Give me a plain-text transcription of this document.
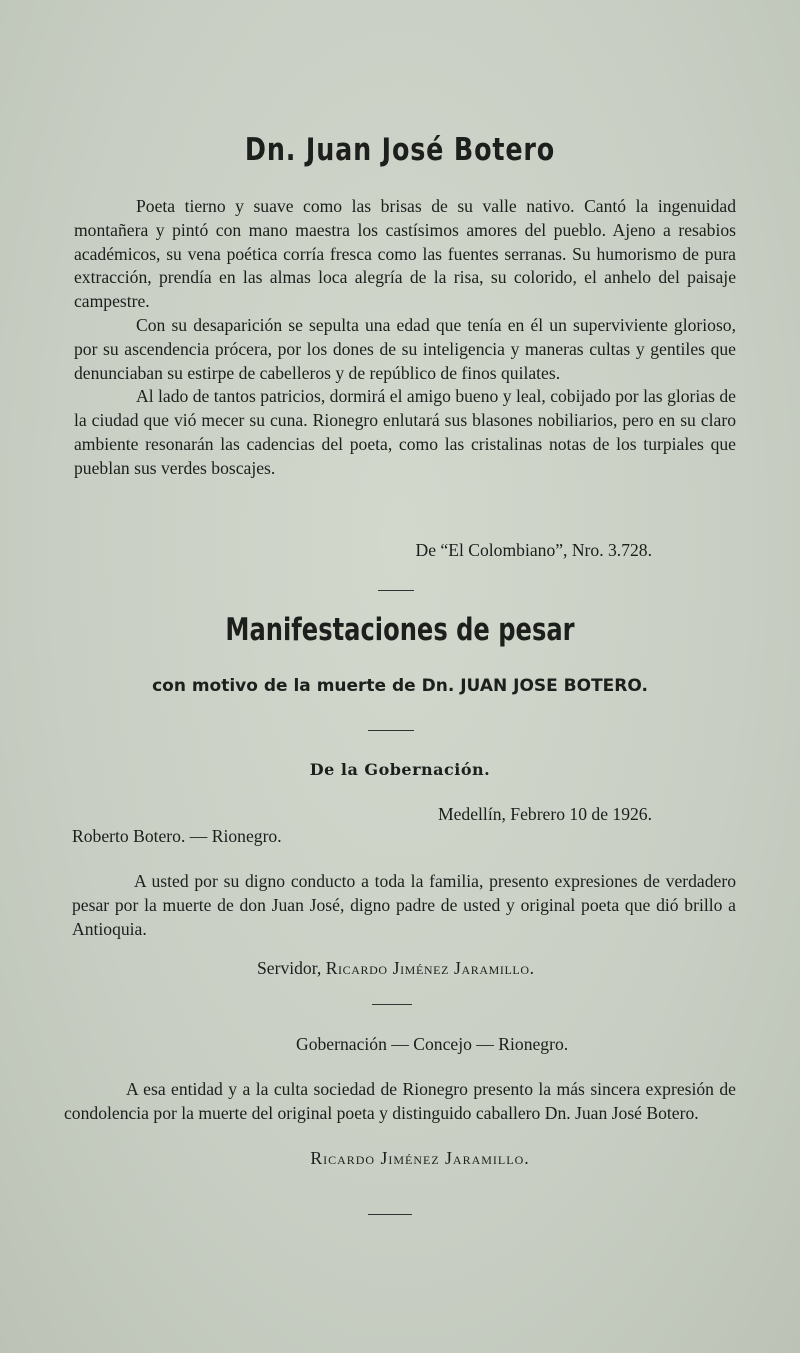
Dn. Juan José Botero

Poeta tierno y suave como las brisas de su valle nativo. Cantó la ingenuidad montañera y pintó con mano maestra los castísimos amores del pueblo. Ajeno a resabios académicos, su vena poética corría fresca como las fuentes serranas. Su humorismo de pura extracción, prendía en las almas loca alegría de la risa, su colorido, el anhelo del paisaje campestre.

Con su desaparición se sepulta una edad que tenía en él un superviviente glorioso, por su ascendencia prócera, por los dones de su inteligencia y maneras cultas y gentiles que denunciaban su estirpe de cabelleros y de repúblico de finos quilates.

Al lado de tantos patricios, dormirá el amigo bueno y leal, cobijado por las glorias de la ciudad que vió mecer su cuna. Rionegro enlutará sus blasones nobiliarios, pero en su claro ambiente resonarán las cadencias del poeta, como las cristalinas notas de los turpiales que pueblan sus verdes boscajes.

De “El Colombiano”, Nro. 3.728.
Manifestaciones de pesar
con motivo de la muerte de Dn. JUAN JOSE BOTERO.
De la Gobernación.
Medellín, Febrero 10 de 1926.
Roberto Botero. — Rionegro.

A usted por su digno conducto a toda la familia, presento expresiones de verdadero pesar por la muerte de don Juan José, digno padre de usted y original poeta que dió brillo a Antioquia.

Servidor, Ricardo Jiménez Jaramillo.
Gobernación — Concejo — Rionegro.

A esa entidad y a la culta sociedad de Rionegro presento la más sincera expresión de condolencia por la muerte del original poeta y distinguido caballero Dn. Juan José Botero.

Ricardo Jiménez Jaramillo.
